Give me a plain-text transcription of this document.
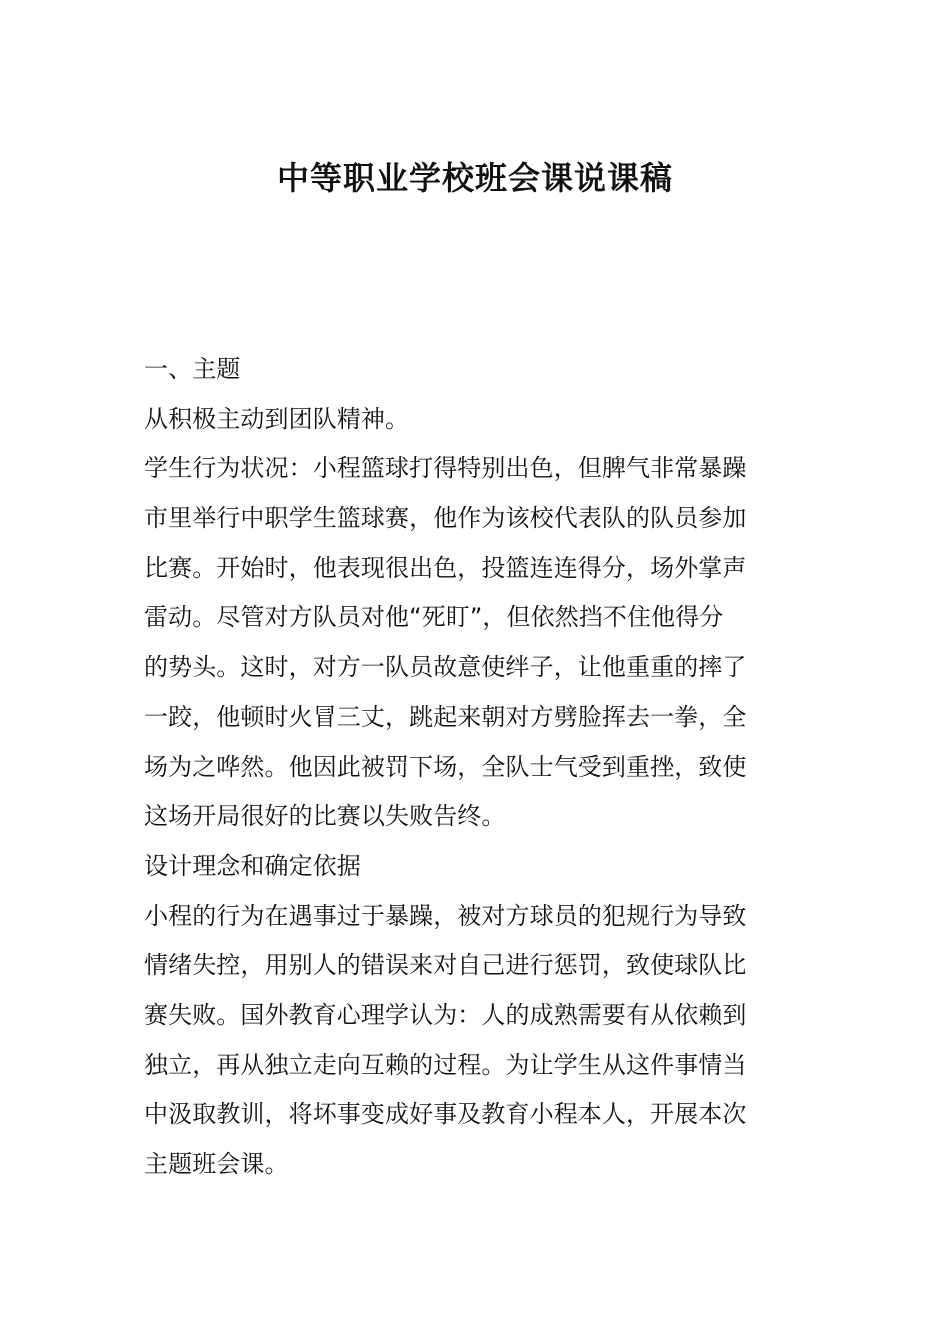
中等职业学校班会课说课稿
一、主题
从积极主动到团队精神。
学生行为状况：小程篮球打得特别出色，但脾气非常暴躁
市里举行中职学生篮球赛，他作为该校代表队的队员参加
比赛。开始时，他表现很出色，投篮连连得分，场外掌声
雷动。尽管对方队员对他“死盯”，但依然挡不住他得分
的势头。这时，对方一队员故意使绊子，让他重重的摔了
一跤，他顿时火冒三丈，跳起来朝对方劈脸挥去一拳，全
场为之哗然。他因此被罚下场，全队士气受到重挫，致使
这场开局很好的比赛以失败告终。
设计理念和确定依据
小程的行为在遇事过于暴躁，被对方球员的犯规行为导致
情绪失控，用别人的错误来对自己进行惩罚，致使球队比
赛失败。国外教育心理学认为：人的成熟需要有从依赖到
独立，再从独立走向互赖的过程。为让学生从这件事情当
中汲取教训，将坏事变成好事及教育小程本人，开展本次
主题班会课。
